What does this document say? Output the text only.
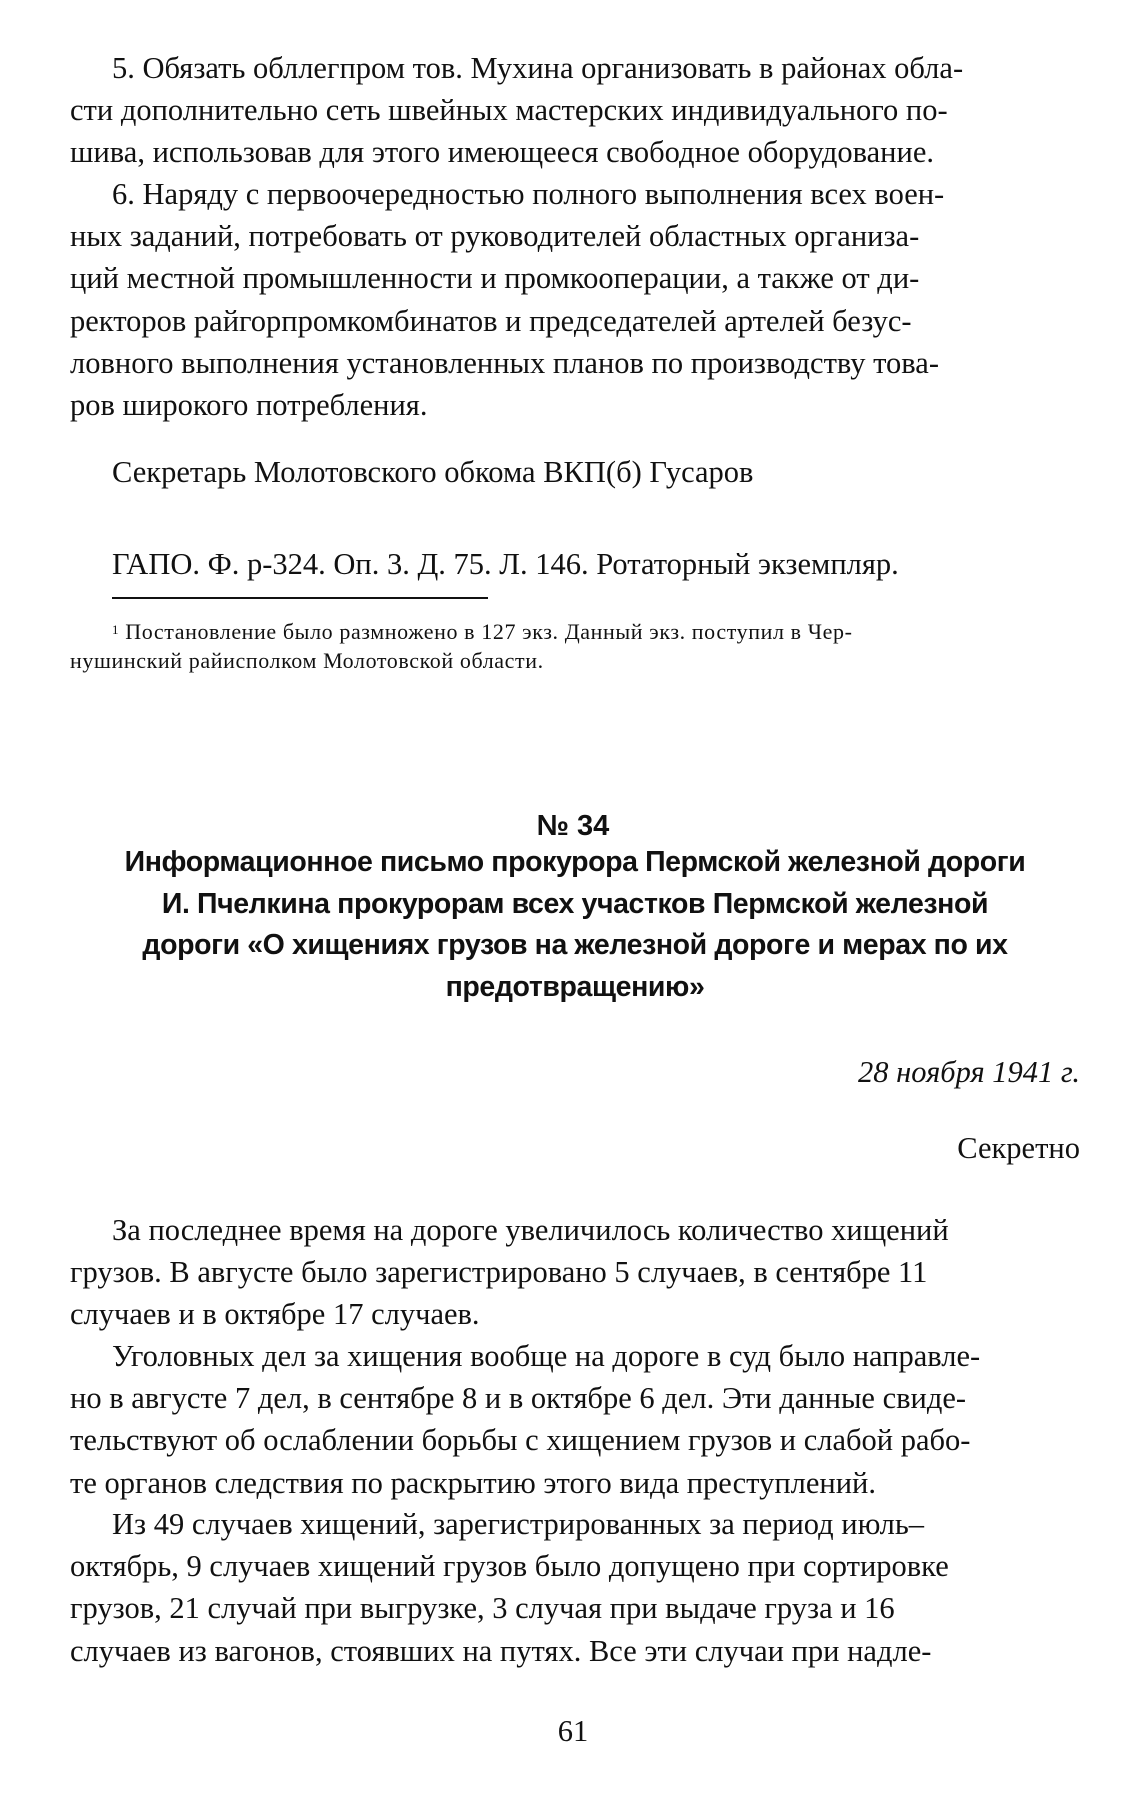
5. Обязать обллегпром тов. Мухина организовать в районах обла-
сти дополнительно сеть швейных мастерских индивидуального по-
шива, использовав для этого имеющееся свободное оборудование.

6. Наряду с первоочередностью полного выполнения всех воен-
ных заданий, потребовать от руководителей областных организа-
ций местной промышленности и промкооперации, а также от ди-
ректоров райгорпромкомбинатов и председателей артелей безус-
ловного выполнения установленных планов по производству това-
ров широкого потребления.

Секретарь Молотовского обкома ВКП(б) Гусаров

ГАПО. Ф. р-324. Оп. 3. Д. 75. Л. 146. Ротаторный экземпляр.

$^1$ Постановление было размножено в 127 экз. Данный экз. поступил в Чер-
нушинский райисполком Молотовской области.

№ 34

Информационное письмо прокурора Пермской железной дороги
И. Пчелкина прокурорам всех участков Пермской железной
дороги «О хищениях грузов на железной дороге и мерах по их
предотвращению»

28 ноября 1941 г.

Секретно

За последнее время на дороге увеличилось количество хищений
грузов. В августе было зарегистрировано 5 случаев, в сентябре 11
случаев и в октябре 17 случаев.

Уголовных дел за хищения вообще на дороге в суд было направле-
но в августе 7 дел, в сентябре 8 и в октябре 6 дел. Эти данные свиде-
тельствуют об ослаблении борьбы с хищением грузов и слабой рабо-
те органов следствия по раскрытию этого вида преступлений.

Из 49 случаев хищений, зарегистрированных за период июль–
октябрь, 9 случаев хищений грузов было допущено при сортировке
грузов, 21 случай при выгрузке, 3 случая при выдаче груза и 16
случаев из вагонов, стоявших на путях. Все эти случаи при надле-

61
